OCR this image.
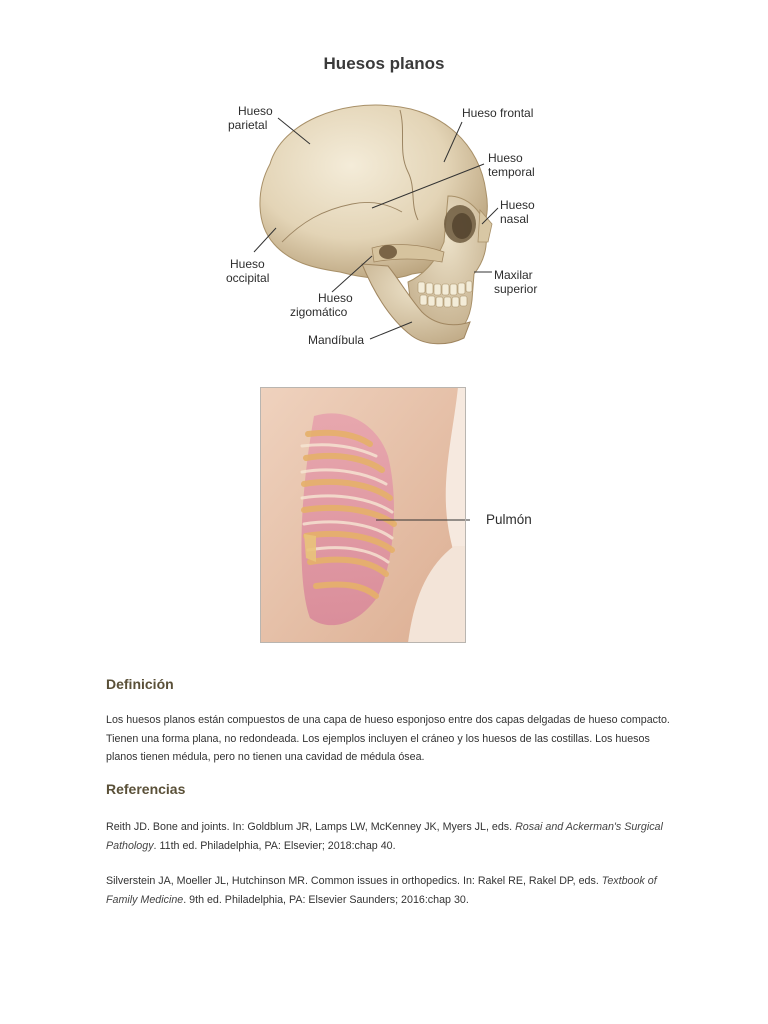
Huesos planos
Hueso
parietal
Hueso frontal
Hueso
temporal
Hueso
nasal
Hueso
occipital	Maxilar
superior
Hueso
zigomático
Mandíbula
Pulmón
Definición
Los huesos planos están compuestos de una capa de hueso esponjoso entre dos capas delgadas de hueso compacto. Tienen una forma plana, no redondeada. Los ejemplos incluyen el cráneo y los huesos de las costillas. Los huesos planos tienen médula, pero no tienen una cavidad de médula ósea.
Referencias
Reith JD. Bone and joints. In: Goldblum JR, Lamps LW, McKenney JK, Myers JL, eds. Rosai and Ackerman's Surgical Pathology. 11th ed. Philadelphia, PA: Elsevier; 2018:chap 40.
Silverstein JA, Moeller JL, Hutchinson MR. Common issues in orthopedics. In: Rakel RE, Rakel DP, eds. Textbook of Family Medicine. 9th ed. Philadelphia, PA: Elsevier Saunders; 2016:chap 30.
